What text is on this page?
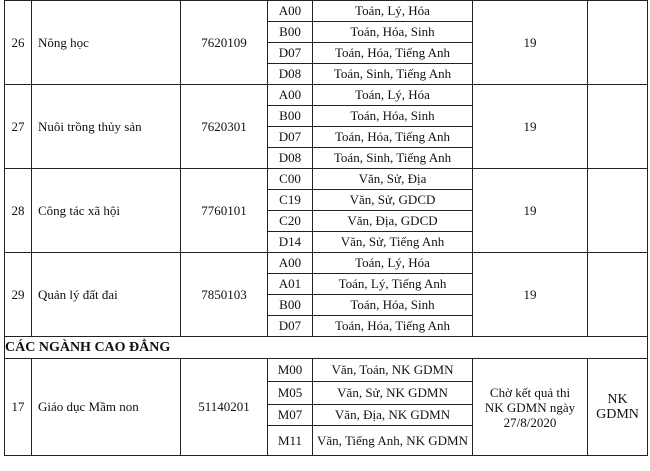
26	Nông học	7620109	A00	Toán, Lý, Hóa	19	
			B00	Toán, Hóa, Sinh		
			D07	Toán, Hóa, Tiếng Anh		
			D08	Toán, Sinh, Tiếng Anh		
27	Nuôi trồng thủy sản	7620301	A00	Toán, Lý, Hóa	19	
			B00	Toán, Hóa, Sinh		
			D07	Toán, Hóa, Tiếng Anh		
			D08	Toán, Sinh, Tiếng Anh		
28	Công tác xã hội	7760101	C00	Văn, Sử, Địa	19	
			C19	Văn, Sử, GDCD		
			C20	Văn, Địa, GDCD		
			D14	Văn, Sử, Tiếng Anh		
29	Quản lý đất đai	7850103	A00	Toán, Lý, Hóa	19	
			A01	Toán, Lý, Tiếng Anh		
			B00	Toán, Hóa, Sinh		
			D07	Toán, Hóa, Tiếng Anh		
CÁC NGÀNH CAO ĐẲNG						
17	Giáo dục Mầm non	51140201	M00	Văn, Toán, NK GDMN	Chờ kết quả thi NK GDMN ngày 27/8/2020	NK GDMN
			M05	Văn, Sử, NK GDMN		
			M07	Văn, Địa, NK GDMN		
			M11	Văn, Tiếng Anh, NK GDMN		
